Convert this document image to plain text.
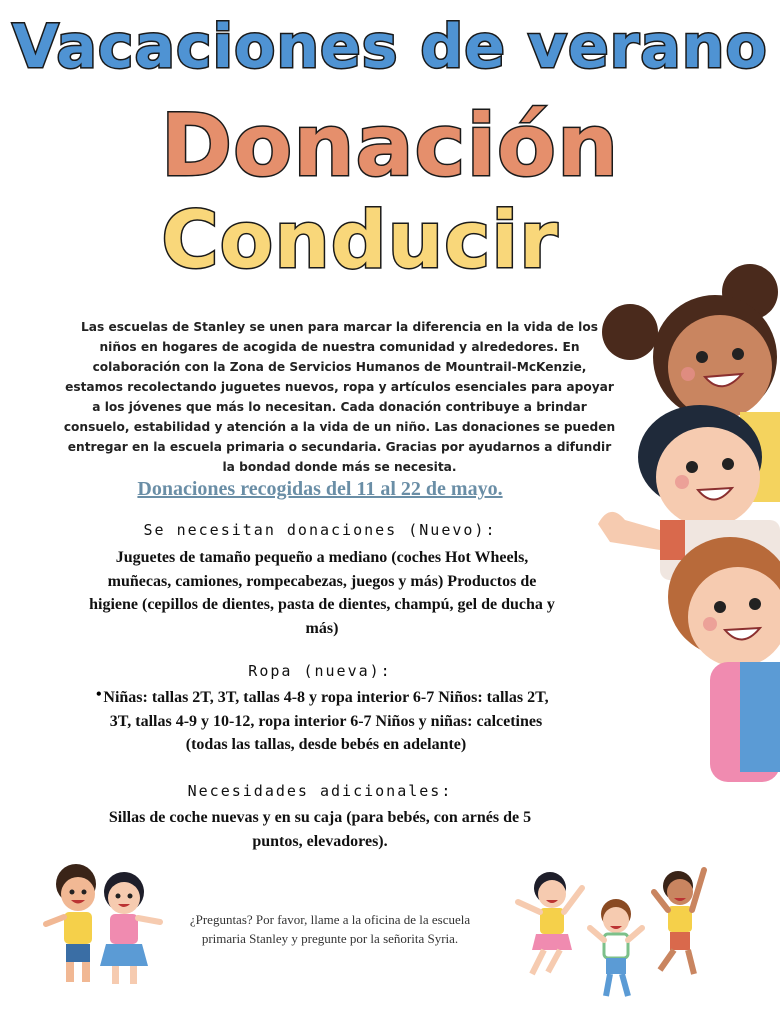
Vacaciones de verano
Donación
Conducir

Las escuelas de Stanley se unen para marcar la diferencia en la vida de los niños en hogares de acogida de nuestra comunidad y alrededores. En colaboración con la Zona de Servicios Humanos de Mountrail-McKenzie, estamos recolectando juguetes nuevos, ropa y artículos esenciales para apoyar a los jóvenes que más lo necesitan. Cada donación contribuye a brindar consuelo, estabilidad y atención a la vida de un niño. Las donaciones se pueden entregar en la escuela primaria o secundaria. Gracias por ayudarnos a difundir la bondad donde más se necesita.

Donaciones recogidas del 11 al 22 de mayo.
Se necesitan donaciones (Nuevo):
Juguetes de tamaño pequeño a mediano (coches Hot Wheels, muñecas, camiones, rompecabezas, juegos y más) Productos de higiene (cepillos de dientes, pasta de dientes, champú, gel de ducha y más)
Ropa (nueva):
• Niñas: tallas 2T, 3T, tallas 4-8 y ropa interior 6-7 Niños: tallas 2T, 3T, tallas 4-9 y 10-12, ropa interior 6-7 Niños y niñas: calcetines (todas las tallas, desde bebés en adelante)
Necesidades adicionales:
Sillas de coche nuevas y en su caja (para bebés, con arnés de 5 puntos, elevadores).
¿Preguntas? Por favor, llame a la oficina de la escuela primaria Stanley y pregunte por la señorita Syria.
